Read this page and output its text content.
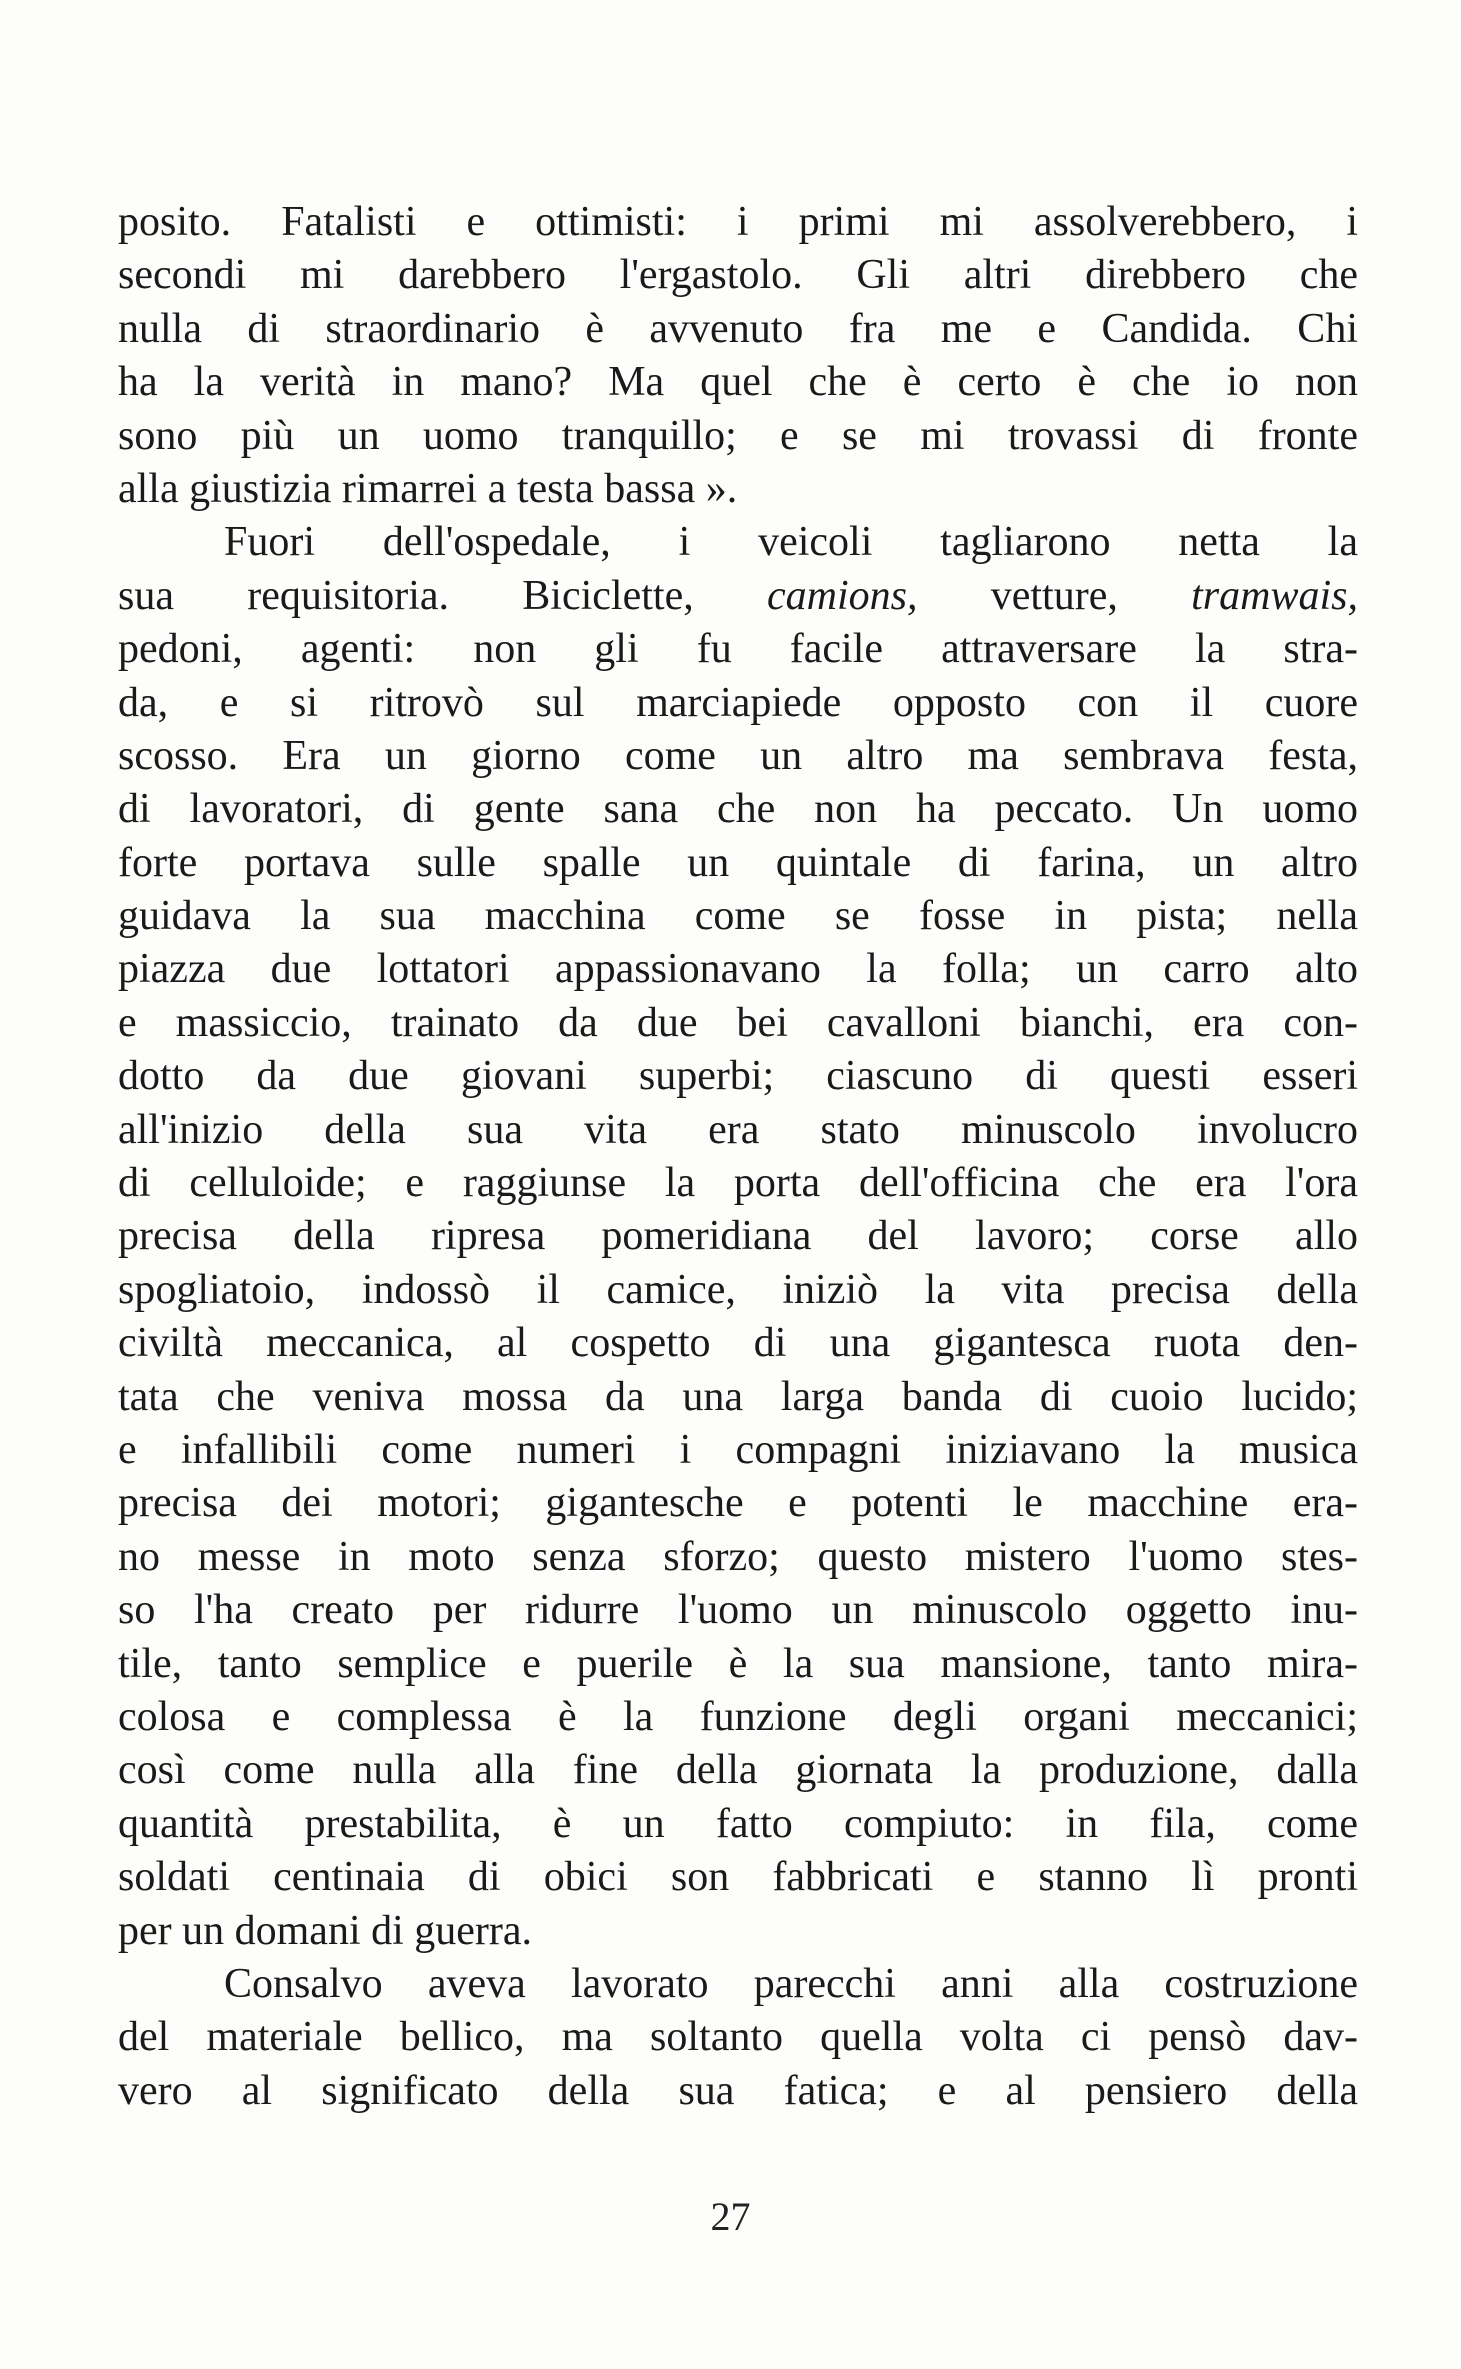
posito. Fatalisti e ottimisti: i primi mi assolverebbero, i
secondi mi darebbero l'ergastolo. Gli altri direbbero che
nulla di straordinario è avvenuto fra me e Candida. Chi
ha la verità in mano? Ma quel che è certo è che io non
sono più un uomo tranquillo; e se mi trovassi di fronte
alla giustizia rimarrei a testa bassa ».
Fuori dell'ospedale, i veicoli tagliarono netta la
sua requisitoria. Biciclette, camions, vetture, tramwais,
pedoni, agenti: non gli fu facile attraversare la stra-
da, e si ritrovò sul marciapiede opposto con il cuore
scosso. Era un giorno come un altro ma sembrava festa,
di lavoratori, di gente sana che non ha peccato. Un uomo
forte portava sulle spalle un quintale di farina, un altro
guidava la sua macchina come se fosse in pista; nella
piazza due lottatori appassionavano la folla; un carro alto
e massiccio, trainato da due bei cavalloni bianchi, era con-
dotto da due giovani superbi; ciascuno di questi esseri
all'inizio della sua vita era stato minuscolo involucro
di celluloide; e raggiunse la porta dell'officina che era l'ora
precisa della ripresa pomeridiana del lavoro; corse allo
spogliatoio, indossò il camice, iniziò la vita precisa della
civiltà meccanica, al cospetto di una gigantesca ruota den-
tata che veniva mossa da una larga banda di cuoio lucido;
e infallibili come numeri i compagni iniziavano la musica
precisa dei motori; gigantesche e potenti le macchine era-
no messe in moto senza sforzo; questo mistero l'uomo stes-
so l'ha creato per ridurre l'uomo un minuscolo oggetto inu-
tile, tanto semplice e puerile è la sua mansione, tanto mira-
colosa e complessa è la funzione degli organi meccanici;
così come nulla alla fine della giornata la produzione, dalla
quantità prestabilita, è un fatto compiuto: in fila, come
soldati centinaia di obici son fabbricati e stanno lì pronti
per un domani di guerra.
Consalvo aveva lavorato parecchi anni alla costruzione
del materiale bellico, ma soltanto quella volta ci pensò dav-
vero al significato della sua fatica; e al pensiero della
27
